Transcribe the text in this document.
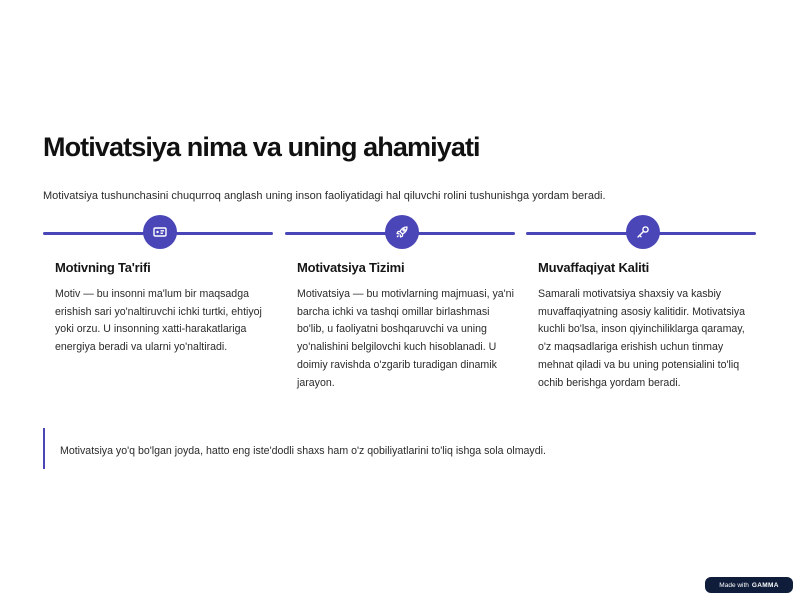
Motivatsiya nima va uning ahamiyati

Motivatsiya tushunchasini chuqurroq anglash uning inson faoliyatidagi hal qiluvchi rolini tushunishga yordam beradi.

Motivning Ta'rifi

Motiv — bu insonni ma'lum bir maqsadga erishish sari yo'naltiruvchi ichki turtki, ehtiyoj yoki orzu. U insonning xatti-harakatlariga energiya beradi va ularni yo'naltiradi.

Motivatsiya Tizimi

Motivatsiya — bu motivlarning majmuasi, ya'ni barcha ichki va tashqi omillar birlashmasi bo'lib, u faoliyatni boshqaruvchi va uning yo'nalishini belgilovchi kuch hisoblanadi. U doimiy ravishda o'zgarib turadigan dinamik jarayon.

Muvaffaqiyat Kaliti

Samarali motivatsiya shaxsiy va kasbiy muvaffaqiyatning asosiy kalitidir. Motivatsiya kuchli bo'lsa, inson qiyinchiliklarga qaramay, o'z maqsadlariga erishish uchun tinmay mehnat qiladi va bu uning potensialini to'liq ochib berishga yordam beradi.

Motivatsiya yo'q bo'lgan joyda, hatto eng iste'dodli shaxs ham o'z qobiliyatlarini to'liq ishga sola olmaydi.
Made with GAMMA
